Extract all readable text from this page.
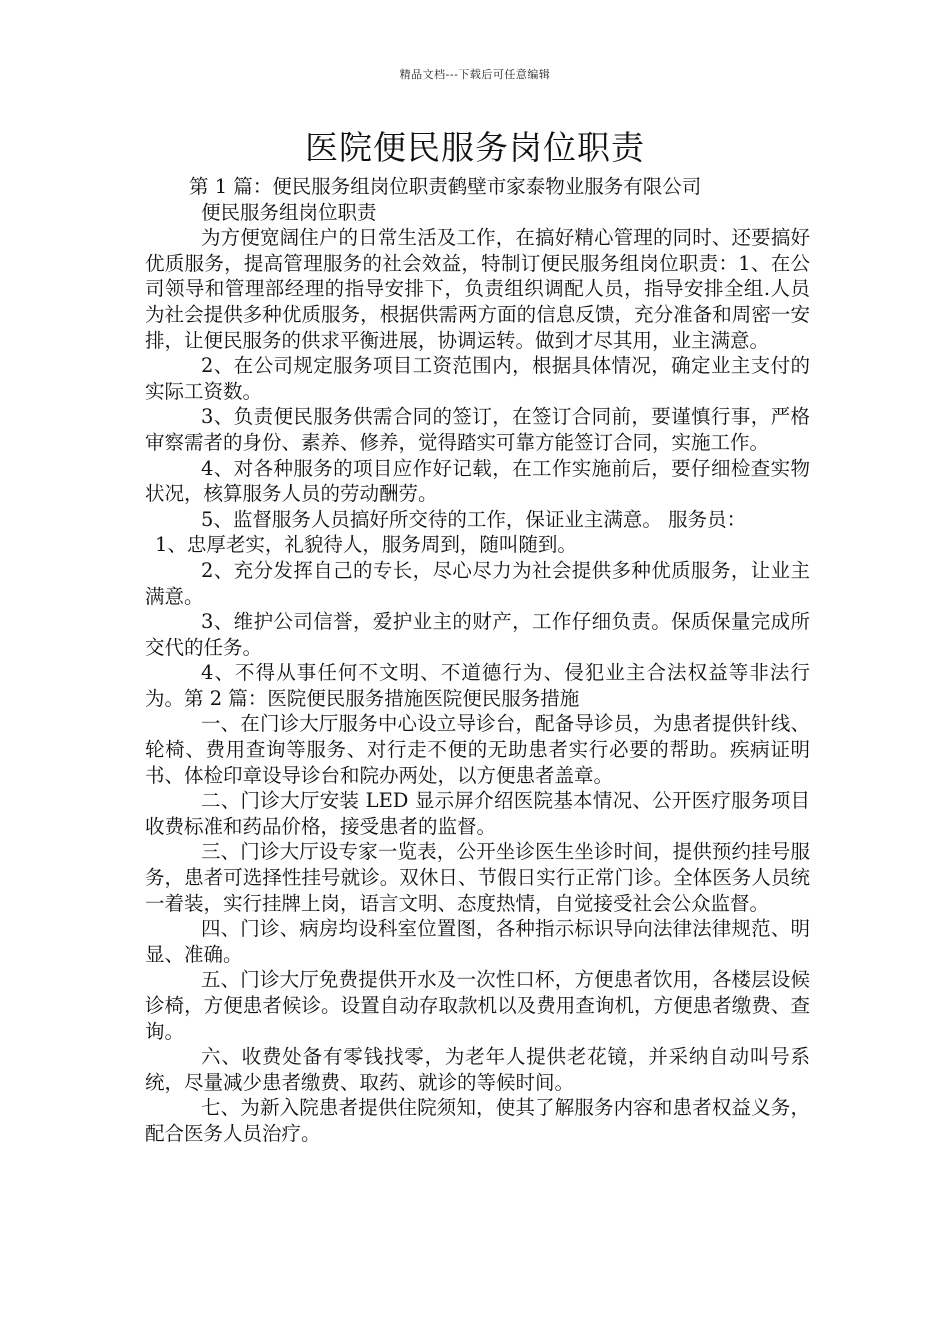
精品文档---下载后可任意编辑
医院便民服务岗位职责

第 1 篇：便民服务组岗位职责鹤壁市家泰物业服务有限公司

便民服务组岗位职责

为方便宽阔住户的日常生活及工作，在搞好精心管理的同时、还要搞好优质服务，提高管理服务的社会效益，特制订便民服务组岗位职责：1、在公司领导和管理部经理的指导安排下，负责组织调配人员，指导安排全组.人员为社会提供多种优质服务，根据供需两方面的信息反馈，充分准备和周密一安排，让便民服务的供求平衡进展，协调运转。做到才尽其用，业主满意。

2、在公司规定服务项目工资范围内，根据具体情况，确定业主支付的实际工资数。

3、负责便民服务供需合同的签订，在签订合同前，要谨慎行事，严格审察需者的身份、素养、修养，觉得踏实可靠方能签订合同，实施工作。

4、对各种服务的项目应作好记载，在工作实施前后，要仔细检查实物状况，核算服务人员的劳动酬劳。

5、监督服务人员搞好所交待的工作，保证业主满意。 服务员：

1、忠厚老实，礼貌待人，服务周到，随叫随到。

2、充分发挥自己的专长，尽心尽力为社会提供多种优质服务，让业主满意。

3、维护公司信誉，爱护业主的财产，工作仔细负责。保质保量完成所交代的任务。

4、不得从事任何不文明、不道德行为、侵犯业主合法权益等非法行为。第 2 篇：医院便民服务措施医院便民服务措施

一、在门诊大厅服务中心设立导诊台，配备导诊员，为患者提供针线、轮椅、费用查询等服务、对行走不便的无助患者实行必要的帮助。疾病证明书、体检印章设导诊台和院办两处，以方便患者盖章。

二、门诊大厅安装 LED 显示屏介绍医院基本情况、公开医疗服务项目收费标准和药品价格，接受患者的监督。

三、门诊大厅设专家一览表，公开坐诊医生坐诊时间，提供预约挂号服务，患者可选择性挂号就诊。双休日、节假日实行正常门诊。全体医务人员统一着装，实行挂牌上岗，语言文明、态度热情，自觉接受社会公众监督。

四、门诊、病房均设科室位置图，各种指示标识导向法律法律规范、明显、准确。

五、门诊大厅免费提供开水及一次性口杯，方便患者饮用，各楼层设候诊椅，方便患者候诊。设置自动存取款机以及费用查询机，方便患者缴费、查询。

六、收费处备有零钱找零，为老年人提供老花镜，并采纳自动叫号系统，尽量减少患者缴费、取药、就诊的等候时间。

七、为新入院患者提供住院须知，使其了解服务内容和患者权益义务，配合医务人员治疗。
